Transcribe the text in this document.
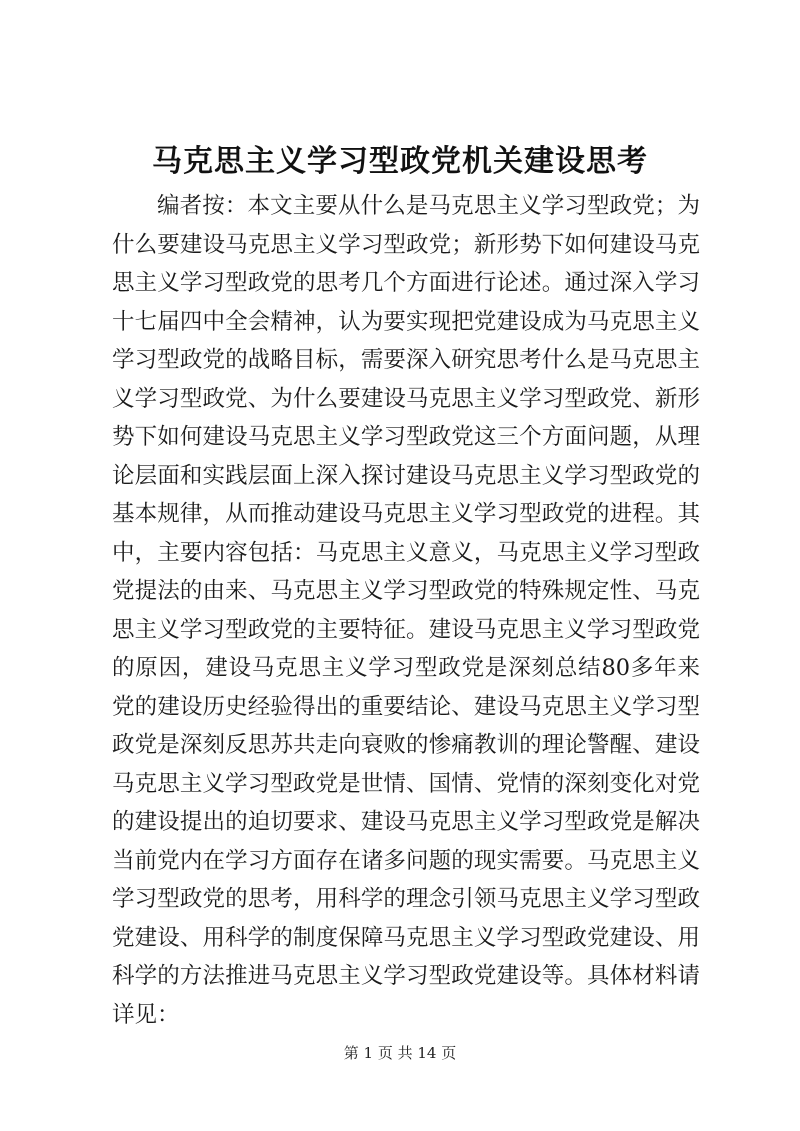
马克思主义学习型政党机关建设思考
编者按：本文主要从什么是马克思主义学习型政党；为什么要建设马克思主义学习型政党；新形势下如何建设马克思主义学习型政党的思考几个方面进行论述。通过深入学习十七届四中全会精神，认为要实现把党建设成为马克思主义学习型政党的战略目标，需要深入研究思考什么是马克思主义学习型政党、为什么要建设马克思主义学习型政党、新形势下如何建设马克思主义学习型政党这三个方面问题，从理论层面和实践层面上深入探讨建设马克思主义学习型政党的基本规律，从而推动建设马克思主义学习型政党的进程。其中，主要内容包括：马克思主义意义，马克思主义学习型政党提法的由来、马克思主义学习型政党的特殊规定性、马克思主义学习型政党的主要特征。建设马克思主义学习型政党的原因，建设马克思主义学习型政党是深刻总结80多年来党的建设历史经验得出的重要结论、建设马克思主义学习型政党是深刻反思苏共走向衰败的惨痛教训的理论警醒、建设马克思主义学习型政党是世情、国情、党情的深刻变化对党的建设提出的迫切要求、建设马克思主义学习型政党是解决当前党内在学习方面存在诸多问题的现实需要。马克思主义学习型政党的思考，用科学的理念引领马克思主义学习型政党建设、用科学的制度保障马克思主义学习型政党建设、用科学的方法推进马克思主义学习型政党建设等。具体材料请详见：
第 1 页 共 14 页
